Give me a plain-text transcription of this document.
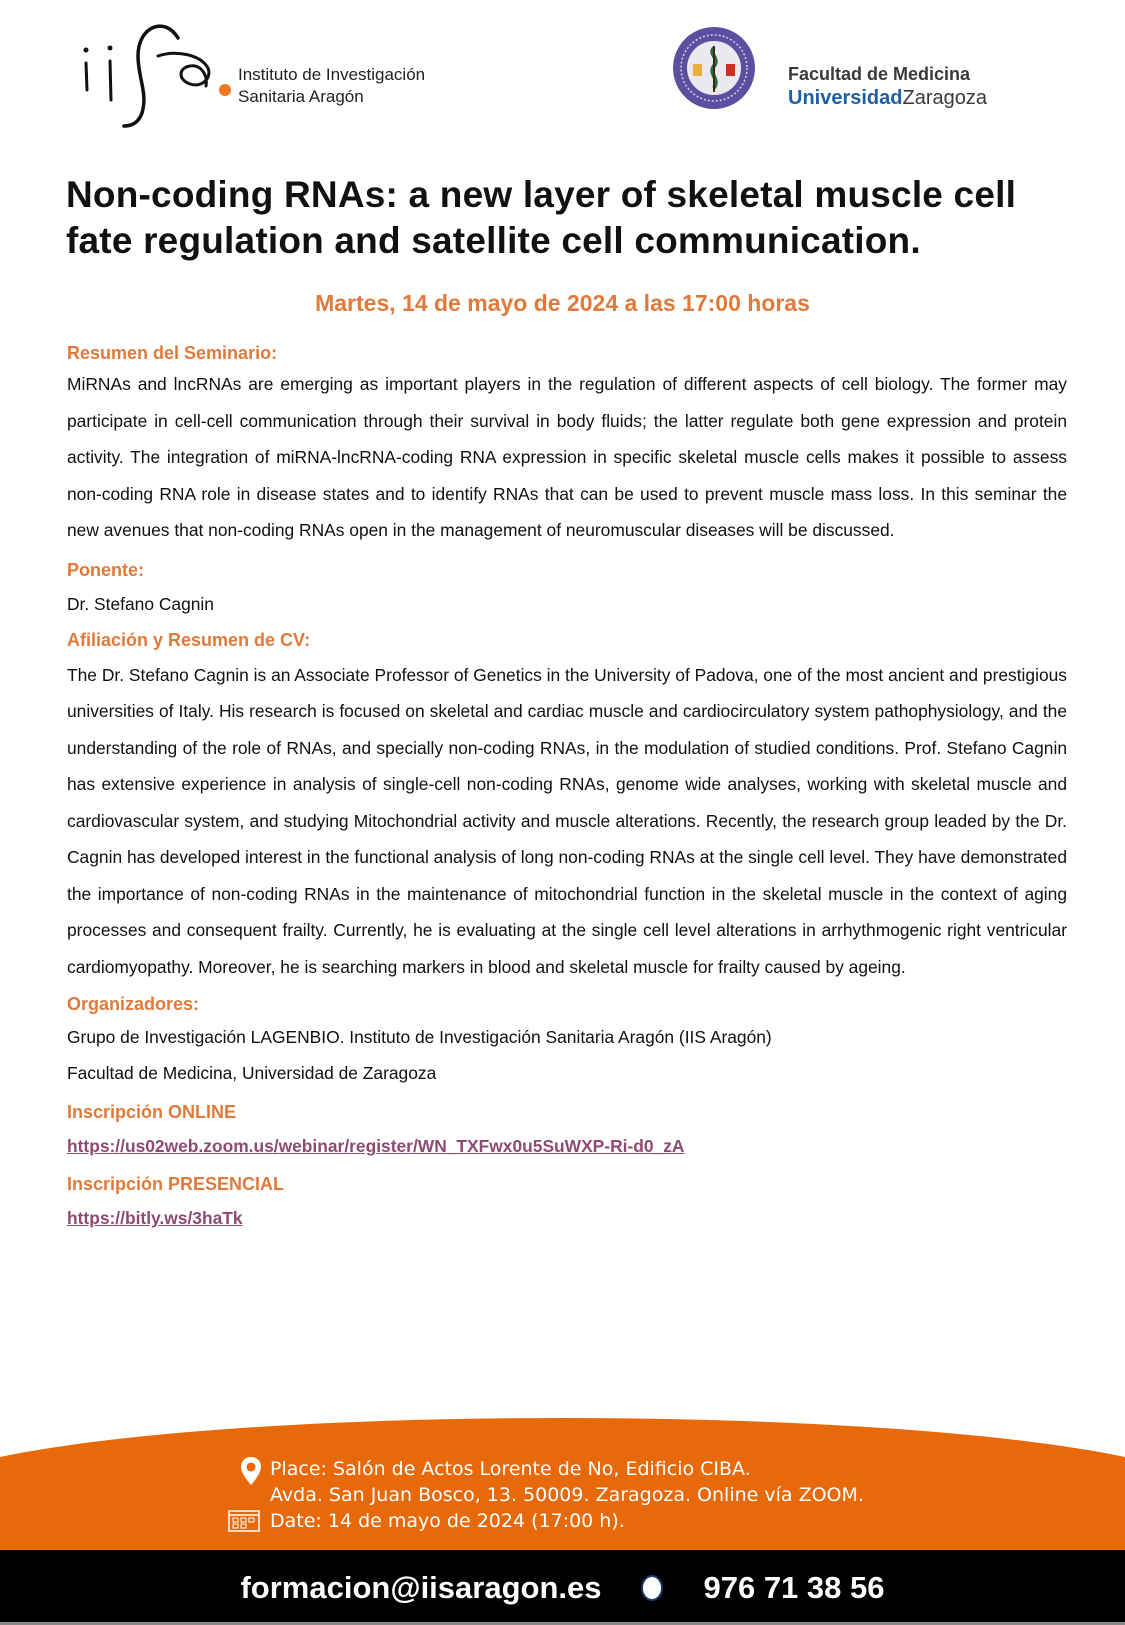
Instituto de Investigación
Sanitaria Aragón
Facultad de Medicina
UniversidadZaragoza
Non-coding RNAs: a new layer of skeletal muscle cell
fate regulation and satellite cell communication.
Martes, 14 de mayo de 2024 a las 17:00 horas

Resumen del Seminario:

MiRNAs and lncRNAs are emerging as important players in the regulation of different aspects of cell biology. The former may participate in cell-cell communication through their survival in body fluids; the latter regulate both gene expression and protein activity. The integration of miRNA-lncRNA-coding RNA expression in specific skeletal muscle cells makes it possible to assess non-coding RNA role in disease states and to identify RNAs that can be used to prevent muscle mass loss. In this seminar the new avenues that non-coding RNAs open in the management of neuromuscular diseases will be discussed.

Ponente:

Dr. Stefano Cagnin

Afiliación y Resumen de CV:

The Dr. Stefano Cagnin is an Associate Professor of Genetics in the University of Padova, one of the most ancient and prestigious universities of Italy. His research is focused on skeletal and cardiac muscle and cardiocirculatory system pathophysiology, and the understanding of the role of RNAs, and specially non-coding RNAs, in the modulation of studied conditions. Prof. Stefano Cagnin has extensive experience in analysis of single-cell non-coding RNAs, genome wide analyses, working with skeletal muscle and cardiovascular system, and studying Mitochondrial activity and muscle alterations. Recently, the research group leaded by the Dr. Cagnin has developed interest in the functional analysis of long non-coding RNAs at the single cell level. They have demonstrated the importance of non-coding RNAs in the maintenance of mitochondrial function in the skeletal muscle in the context of aging processes and consequent frailty. Currently, he is evaluating at the single cell level alterations in arrhythmogenic right ventricular cardiomyopathy. Moreover, he is searching markers in blood and skeletal muscle for frailty caused by ageing.

Organizadores:

Grupo de Investigación LAGENBIO. Instituto de Investigación Sanitaria Aragón (IIS Aragón)

Facultad de Medicina, Universidad de Zaragoza

Inscripción ONLINE

https://us02web.zoom.us/webinar/register/WN_TXFwx0u5SuWXP-Ri-d0_zA

Inscripción PRESENCIAL

https://bitly.ws/3haTk
Place: Salón de Actos Lorente de No, Edificio CIBA.
Avda. San Juan Bosco, 13. 50009. Zaragoza. Online vía ZOOM.
Date: 14 de mayo de 2024 (17:00 h).
formacion@iisaragon.es	976 71 38 56
